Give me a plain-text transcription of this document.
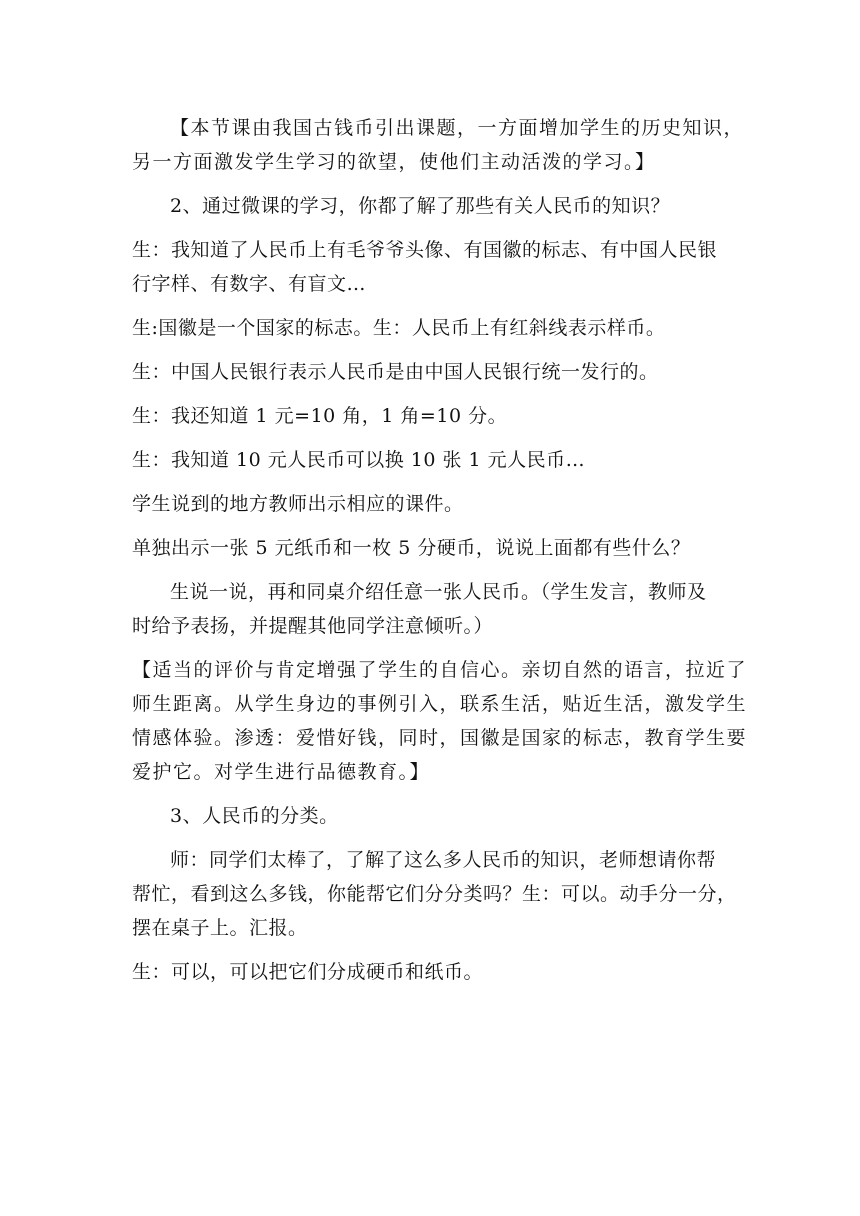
【本节课由我国古钱币引出课题，一方面增加学生的历史知识，
另一方面激发学生学习的欲望，使他们主动活泼的学习。】
2、通过微课的学习，你都了解了那些有关人民币的知识？
生：我知道了人民币上有毛爷爷头像、有国徽的标志、有中国人民银
行字样、有数字、有盲文…
生:国徽是一个国家的标志。生：人民币上有红斜线表示样币。
生：中国人民银行表示人民币是由中国人民银行统一发行的。
生：我还知道 1 元=10 角，1 角=10 分。
生：我知道 10 元人民币可以换 10 张 1 元人民币…
学生说到的地方教师出示相应的课件。
单独出示一张 5 元纸币和一枚 5 分硬币，说说上面都有些什么？
生说一说，再和同桌介绍任意一张人民币。（学生发言，教师及
时给予表扬，并提醒其他同学注意倾听。）
【适当的评价与肯定增强了学生的自信心。亲切自然的语言，拉近了
师生距离。从学生身边的事例引入，联系生活，贴近生活，激发学生
情感体验。渗透：爱惜好钱，同时，国徽是国家的标志，教育学生要
爱护它。对学生进行品德教育。】
3、人民币的分类。
师：同学们太棒了，了解了这么多人民币的知识，老师想请你帮
帮忙，看到这么多钱，你能帮它们分分类吗？生：可以。动手分一分，
摆在桌子上。汇报。
生：可以，可以把它们分成硬币和纸币。
